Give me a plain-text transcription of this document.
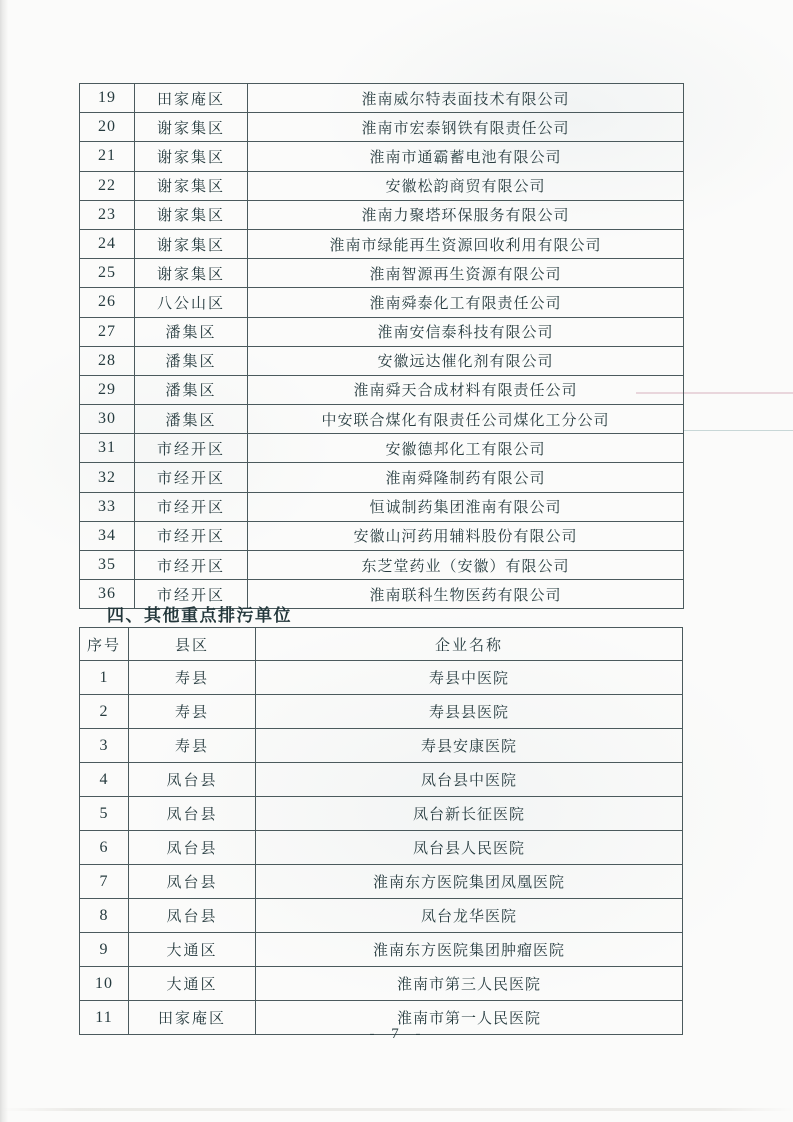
19	田家庵区	淮南威尔特表面技术有限公司
20	谢家集区	淮南市宏泰钢铁有限责任公司
21	谢家集区	淮南市通霸蓄电池有限公司
22	谢家集区	安徽松韵商贸有限公司
23	谢家集区	淮南力聚塔环保服务有限公司
24	谢家集区	淮南市绿能再生资源回收利用有限公司
25	谢家集区	淮南智源再生资源有限公司
26	八公山区	淮南舜泰化工有限责任公司
27	潘集区	淮南安信泰科技有限公司
28	潘集区	安徽远达催化剂有限公司
29	潘集区	淮南舜天合成材料有限责任公司
30	潘集区	中安联合煤化有限责任公司煤化工分公司
31	市经开区	安徽德邦化工有限公司
32	市经开区	淮南舜隆制药有限公司
33	市经开区	恒诚制药集团淮南有限公司
34	市经开区	安徽山河药用辅料股份有限公司
35	市经开区	东芝堂药业（安徽）有限公司
36	市经开区	淮南联科生物医药有限公司
四、其他重点排污单位
序号	县区	企业名称
1	寿县	寿县中医院
2	寿县	寿县县医院
3	寿县	寿县安康医院
4	凤台县	凤台县中医院
5	凤台县	凤台新长征医院
6	凤台县	凤台县人民医院
7	凤台县	淮南东方医院集团凤凰医院
8	凤台县	凤台龙华医院
9	大通区	淮南东方医院集团肿瘤医院
10	大通区	淮南市第三人民医院
11	田家庵区	淮南市第一人民医院
- 7 -
